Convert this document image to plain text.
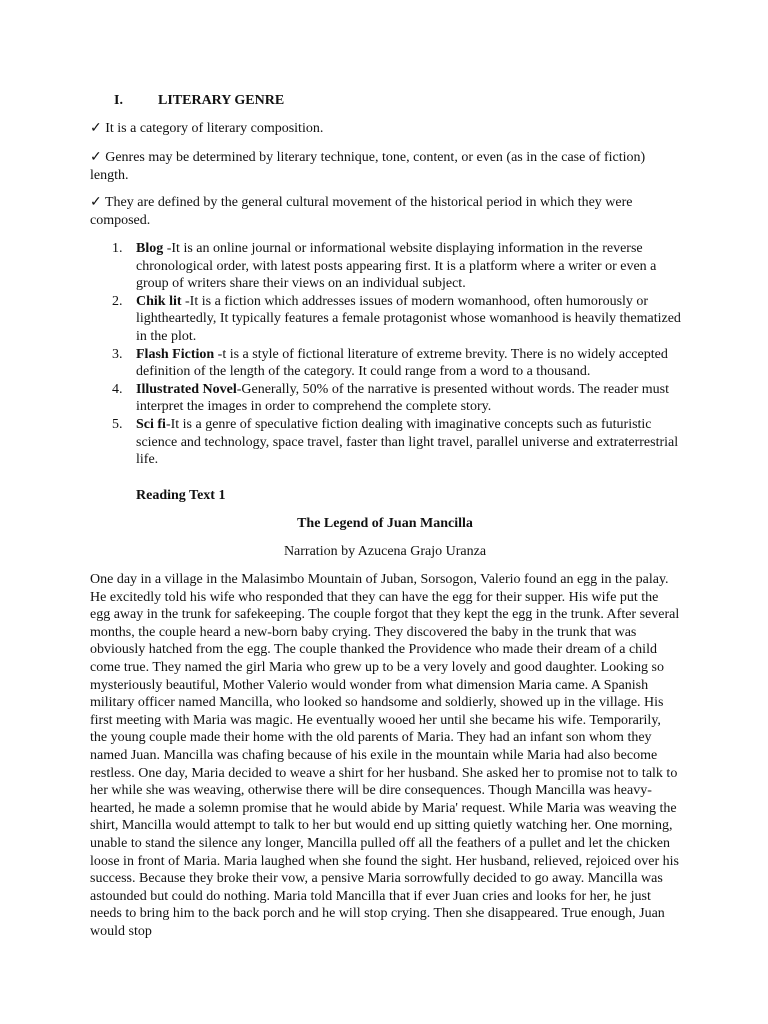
I.	LITERARY GENRE

✓ It is a category of literary composition.

✓ Genres may be determined by literary technique, tone, content, or even (as in the case of fiction) length.

✓ They are defined by the general cultural movement of the historical period in which they were composed.

1. Blog -It is an online journal or informational website displaying information in the reverse chronological order, with latest posts appearing first. It is a platform where a writer or even a group of writers share their views on an individual subject.
2. Chik lit -It is a fiction which addresses issues of modern womanhood, often humorously or lightheartedly, It typically features a female protagonist whose womanhood is heavily thematized in the plot.
3. Flash Fiction -t is a style of fictional literature of extreme brevity. There is no widely accepted definition of the length of the category. It could range from a word to a thousand.
4. Illustrated Novel-Generally, 50% of the narrative is presented without words. The reader must interpret the images in order to comprehend the complete story.
5. Sci fi-It is a genre of speculative fiction dealing with imaginative concepts such as futuristic science and technology, space travel, faster than light travel, parallel universe and extraterrestrial life.
Reading Text 1
The Legend of Juan Mancilla
Narration by Azucena Grajo Uranza

One day in a village in the Malasimbo Mountain of Juban, Sorsogon, Valerio found an egg in the palay. He excitedly told his wife who responded that they can have the egg for their supper. His wife put the egg away in the trunk for safekeeping. The couple forgot that they kept the egg in the trunk. After several months, the couple heard a new-born baby crying. They discovered the baby in the trunk that was obviously hatched from the egg. The couple thanked the Providence who made their dream of a child come true. They named the girl Maria who grew up to be a very lovely and good daughter. Looking so mysteriously beautiful, Mother Valerio would wonder from what dimension Maria came. A Spanish military officer named Mancilla, who looked so handsome and soldierly, showed up in the village. His first meeting with Maria was magic. He eventually wooed her until she became his wife. Temporarily, the young couple made their home with the old parents of Maria. They had an infant son whom they named Juan. Mancilla was chafing because of his exile in the mountain while Maria had also become restless. One day, Maria decided to weave a shirt for her husband. She asked her to promise not to talk to her while she was weaving, otherwise there will be dire consequences. Though Mancilla was heavy-hearted, he made a solemn promise that he would abide by Maria' request. While Maria was weaving the shirt, Mancilla would attempt to talk to her but would end up sitting quietly watching her. One morning, unable to stand the silence any longer, Mancilla pulled off all the feathers of a pullet and let the chicken loose in front of Maria. Maria laughed when she found the sight. Her husband, relieved, rejoiced over his success. Because they broke their vow, a pensive Maria sorrowfully decided to go away. Mancilla was astounded but could do nothing. Maria told Mancilla that if ever Juan cries and looks for her, he just needs to bring him to the back porch and he will stop crying. Then she disappeared. True enough, Juan would stop
